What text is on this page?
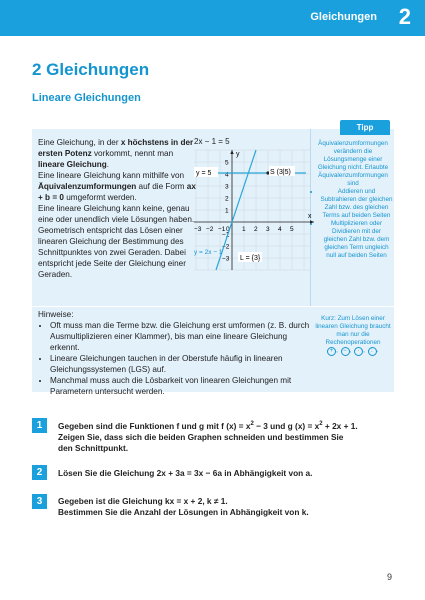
Gleichungen 2
2 Gleichungen
Lineare Gleichungen
Tipp

Eine Gleichung, in der x höchstens in der ersten Potenz vorkommt, nennt man lineare Gleichung.

Eine lineare Gleichung kann mithilfe von Äquivalenzumformungen auf die Form ax + b = 0 umgeformt werden.

Eine lineare Gleichung kann keine, genau eine oder unendlich viele Lösungen haben.

Geometrisch entspricht das Lösen einer linearen Gleichung der Bestimmung des Schnittpunktes von zwei Geraden. Dabei entspricht jede Seite der Gleichung einer Geraden.

2x − 1 = 5
y
x
−3 −2 −1 0 1 2 3 4 5
1
2
3
4
5
−1
−2
−3
y = 5	S (3|5)
y = 2x − 1
L = {3}
Äquivalenzumformungen verändern die Lösungsmenge einer Gleichung nicht. Erlaubte Äquivalenzumformungen sind
• Addieren und Subtrahieren der gleichen Zahl bzw. des gleichen Terms auf beiden Seiten
• Multiplizieren oder Dividieren mit der gleichen Zahl bzw. dem gleichen Term ungleich null auf beiden Seiten

Hinweise:

• Oft muss man die Terme bzw. die Gleichung erst umformen (z. B. durch Ausmultiplizieren einer Klammer), bis man eine lineare Gleichung erkennt.
• Lineare Gleichungen tauchen in der Oberstufe häufig in linearen Gleichungssystemen (LGS) auf.
• Manchmal muss auch die Lösbarkeit von linearen Gleichungen mit Parametern untersucht werden.
Kurz: Zum Lösen einer linearen Gleichung braucht man nur die Rechenoperationen
+ , − , · , : .
1	Gegeben sind die Funktionen f und g mit f $(x) = x^2 - 3$ und g $(x) = x^2 + 2x + 1$.
Zeigen Sie, dass sich die beiden Graphen schneiden und bestimmen Sie den Schnittpunkt.
2	Lösen Sie die Gleichung 2x + 3a = 3x − 6a in Abhängigkeit von a.
3	Gegeben ist die Gleichung kx = x + 2, k ≠ 1.
Bestimmen Sie die Anzahl der Lösungen in Abhängigkeit von k.
9
